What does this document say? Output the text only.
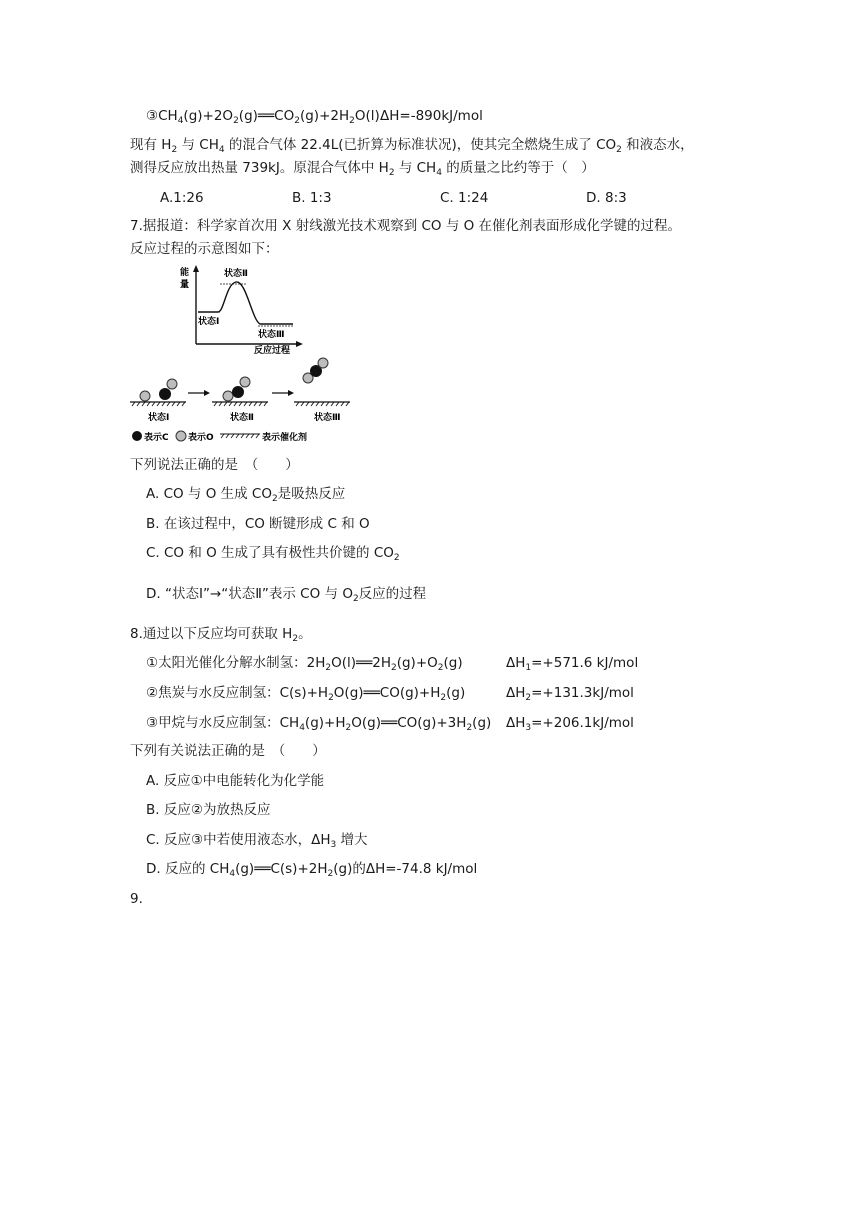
$③CH_4(g)+2O_2(g)══CO_2(g)+2H_2O(l)$ ΔH=-890kJ/mol
现有 $H_2$ 与 $CH_4$ 的混合气体 22.4L(已折算为标准状况)，使其完全燃烧生成了 $CO_2$ 和液态水，
测得反应放出热量 739kJ。原混合气体中 $H_2$ 与 $CH_4$ 的质量之比约等于（　）
A.1:26	B. 1:3	C. 1:24	D. 8:3
7.据报道：科学家首次用 X 射线激光技术观察到 CO 与 O 在催化剂表面形成化学键的过程。
反应过程的示意图如下：
能
量
状态Ⅱ
状态Ⅰ
状态Ⅲ
反应过程
状态Ⅰ	状态Ⅱ	状态Ⅲ
表示C 表示O	表示催化剂
下列说法正确的是　（　　）
A. CO 与 O 生成 $CO_2$是吸热反应
B. 在该过程中，CO 断键形成 C 和 O
C. CO 和 O 生成了具有极性共价键的 $CO_2$
D. “状态Ⅰ”→“状态Ⅱ”表示 CO 与 $O_2$反应的过程
8.通过以下反应均可获取 $H_2$。
①太阳光催化分解水制氢：$2H_2O(l)══2H_2(g)+O_2(g)$	$\Delta H_1=+571.6$ kJ/mol
②焦炭与水反应制氢：$C(s)+H_2O(g)══CO(g)+H_2(g)$	$\Delta H_2=+131.3kJ$/mol
③甲烷与水反应制氢：$CH_4(g)+H_2O(g)══CO(g)+3H_2(g)$ $\Delta H_3=+206.1kJ$/mol
下列有关说法正确的是　（　　）
A. 反应①中电能转化为化学能
B. 反应②为放热反应
C. 反应③中若使用液态水，$\Delta H_3$ 增大
D. 反应的 $CH_4(g)══C(s)+2H_2(g)$的ΔH=-74.8 kJ/mol
9.
